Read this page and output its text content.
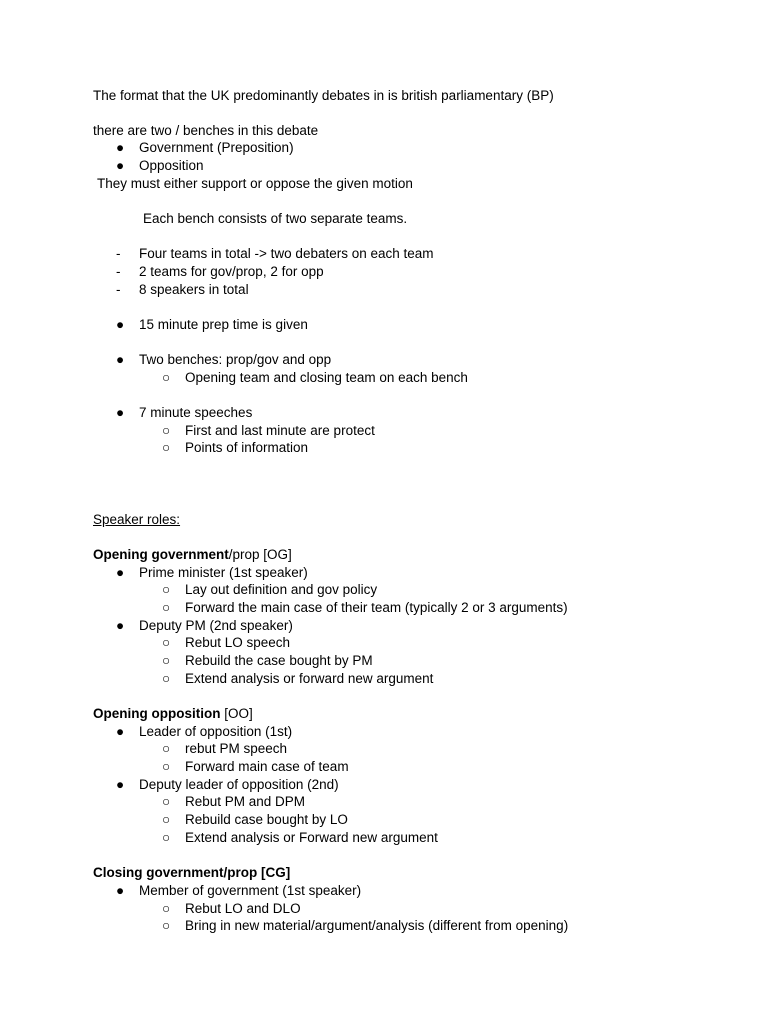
The format that the UK predominantly debates in is british parliamentary (BP)
there are two / benches in this debate
● Government (Preposition)
● Opposition
They must either support or oppose the given motion
Each bench consists of two separate teams.
- Four teams in total -> two debaters on each team
- 2 teams for gov/prop, 2 for opp
- 8 speakers in total
● 15 minute prep time is given
● Two benches: prop/gov and opp
○ Opening team and closing team on each bench
● 7 minute speeches
○ First and last minute are protect
○ Points of information
Speaker roles:
Opening government/prop [OG]
● Prime minister (1st speaker)
○ Lay out definition and gov policy
○ Forward the main case of their team (typically 2 or 3 arguments)
● Deputy PM (2nd speaker)
○ Rebut LO speech
○ Rebuild the case bought by PM
○ Extend analysis or forward new argument
Opening opposition [OO]
● Leader of opposition (1st)
○ rebut PM speech
○ Forward main case of team
● Deputy leader of opposition (2nd)
○ Rebut PM and DPM
○ Rebuild case bought by LO
○ Extend analysis or Forward new argument
Closing government/prop [CG]
● Member of government (1st speaker)
○ Rebut LO and DLO
○ Bring in new material/argument/analysis (different from opening)
